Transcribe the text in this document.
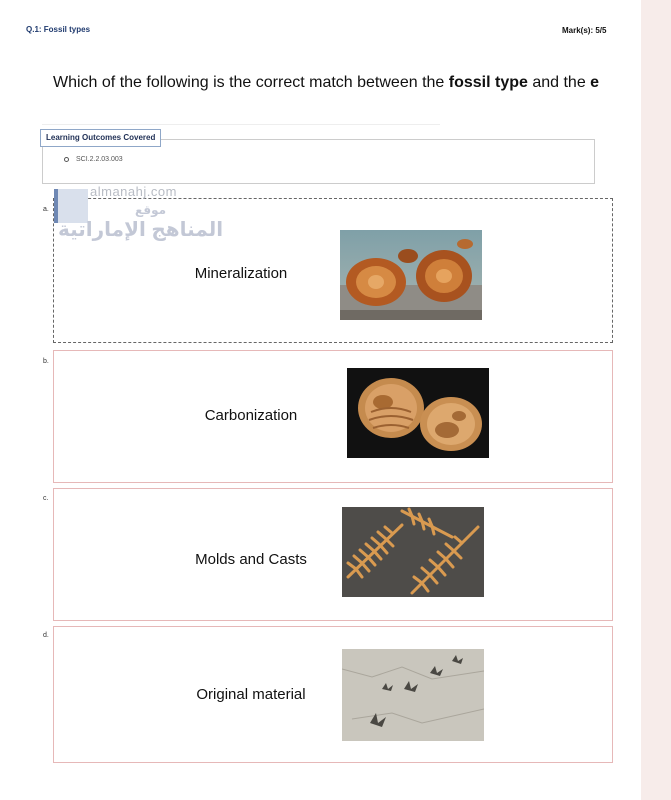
Q.1: Fossil types	Mark(s): 5/5
Which of the following is the correct match between the fossil type and the e
Learning Outcomes Covered
SCI.2.2.03.003
a.
b.
c.
d.
Mineralization
almanahj.com
موقع
المناهج الإماراتية
Carbonization
Molds and Casts
Original material
